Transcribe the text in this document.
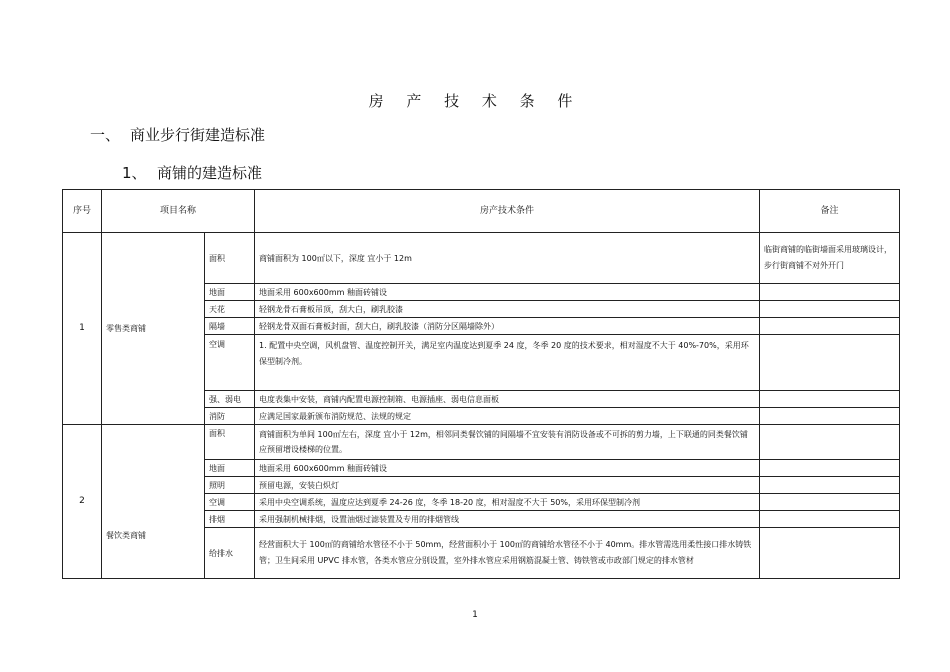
房 产 技 术 条 件
一、 商业步行街建造标准
1、 商铺的建造标准
序号	项目名称		房产技术条件	备注
1	零售类商铺	面积	商铺面积为 100㎡以下，深度 宜小于 12m	临街商铺的临街墙面采用玻璃设计， 步行街商铺不对外开门
		地面	地面采用 600x600mm 釉面砖铺设	
		天花	轻钢龙骨石膏板吊顶，刮大白，刷乳胶漆	
		隔墙	轻钢龙骨双面石膏板封面，刮大白，刷乳胶漆（消防分区隔墙除外）	
		空调	1. 配置中央空调，风机盘管、温度控制开关，满足室内温度达到夏季 24 度，冬季 20 度的技术要求，相对湿度不大于 40%-70%，采用环保型制冷剂。	
		强、弱电	电度表集中安装，商铺内配置电源控制箱、电源插座、弱电信息面板	
		消防	应满足国家最新颁布消防规范、法规的规定	
2	餐饮类商铺	面积	商铺面积为单间 100㎡左右，深度 宜小于 12m，相邻同类餐饮铺的间隔墙不宜安装有消防设备或不可拆的剪力墙，上下联通的同类餐饮铺应预留增设楼梯的位置。	
		地面	地面采用 600x600mm 釉面砖铺设	
		照明	预留电源，安装白炽灯	
		空调	采用中央空调系统，温度应达到夏季 24-26 度，冬季 18-20 度，相对湿度不大于 50%，采用环保型制冷剂	
		排烟	采用强制机械排烟，设置油烟过滤装置及专用的排烟管线	
		给排水	经营面积大于 100㎡的商铺给水管径不小于 50mm，经营面积小于 100㎡的商铺给水管径不小于 40mm。排水管需选用柔性接口排水铸铁管；卫生间采用 UPVC 排水管，各类水管应分别设置，室外排水管应采用钢筋混凝土管、铸铁管或市政部门规定的排水管材	
1
